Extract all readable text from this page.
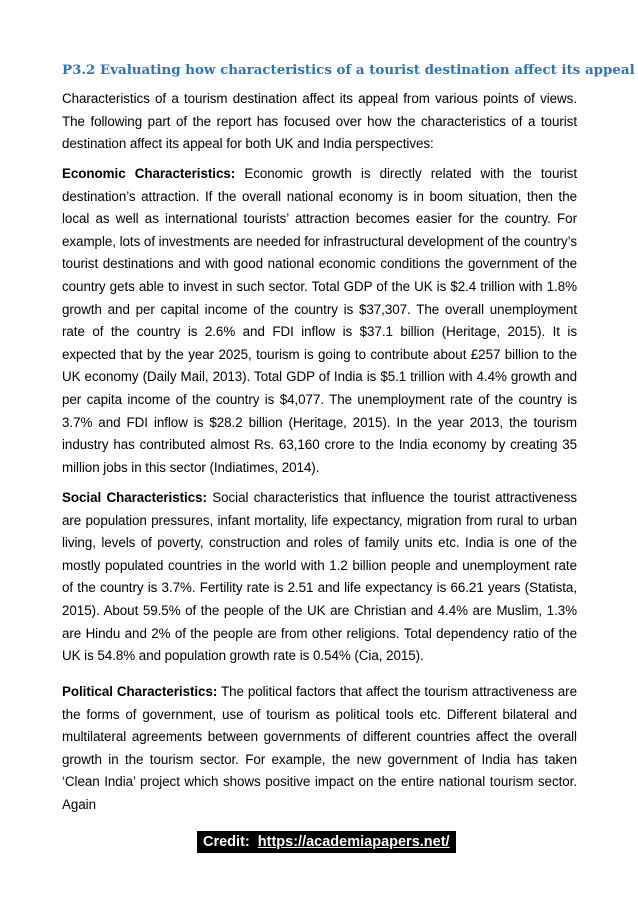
P3.2 Evaluating how characteristics of a tourist destination affect its appeal

Characteristics of a tourism destination affect its appeal from various points of views. The following part of the report has focused over how the characteristics of a tourist destination affect its appeal for both UK and India perspectives:

Economic Characteristics: Economic growth is directly related with the tourist destination’s attraction. If the overall national economy is in boom situation, then the local as well as international tourists’ attraction becomes easier for the country. For example, lots of investments are needed for infrastructural development of the country’s tourist destinations and with good national economic conditions the government of the country gets able to invest in such sector. Total GDP of the UK is $2.4 trillion with 1.8% growth and per capital income of the country is $37,307. The overall unemployment rate of the country is 2.6% and FDI inflow is $37.1 billion (Heritage, 2015). It is expected that by the year 2025, tourism is going to contribute about £257 billion to the UK economy (Daily Mail, 2013). Total GDP of India is $5.1 trillion with 4.4% growth and per capita income of the country is $4,077. The unemployment rate of the country is 3.7% and FDI inflow is $28.2 billion (Heritage, 2015). In the year 2013, the tourism industry has contributed almost Rs. 63,160 crore to the India economy by creating 35 million jobs in this sector (Indiatimes, 2014).

Social Characteristics: Social characteristics that influence the tourist attractiveness are population pressures, infant mortality, life expectancy, migration from rural to urban living, levels of poverty, construction and roles of family units etc. India is one of the mostly populated countries in the world with 1.2 billion people and unemployment rate of the country is 3.7%. Fertility rate is 2.51 and life expectancy is 66.21 years (Statista, 2015). About 59.5% of the people of the UK are Christian and 4.4% are Muslim, 1.3% are Hindu and 2% of the people are from other religions. Total dependency ratio of the UK is 54.8% and population growth rate is 0.54% (Cia, 2015).

Political Characteristics: The political factors that affect the tourism attractiveness are the forms of government, use of tourism as political tools etc. Different bilateral and multilateral agreements between governments of different countries affect the overall growth in the tourism sector. For example, the new government of India has taken ‘Clean India’ project which shows positive impact on the entire national tourism sector. Again

Credit: https://academiapapers.net/
